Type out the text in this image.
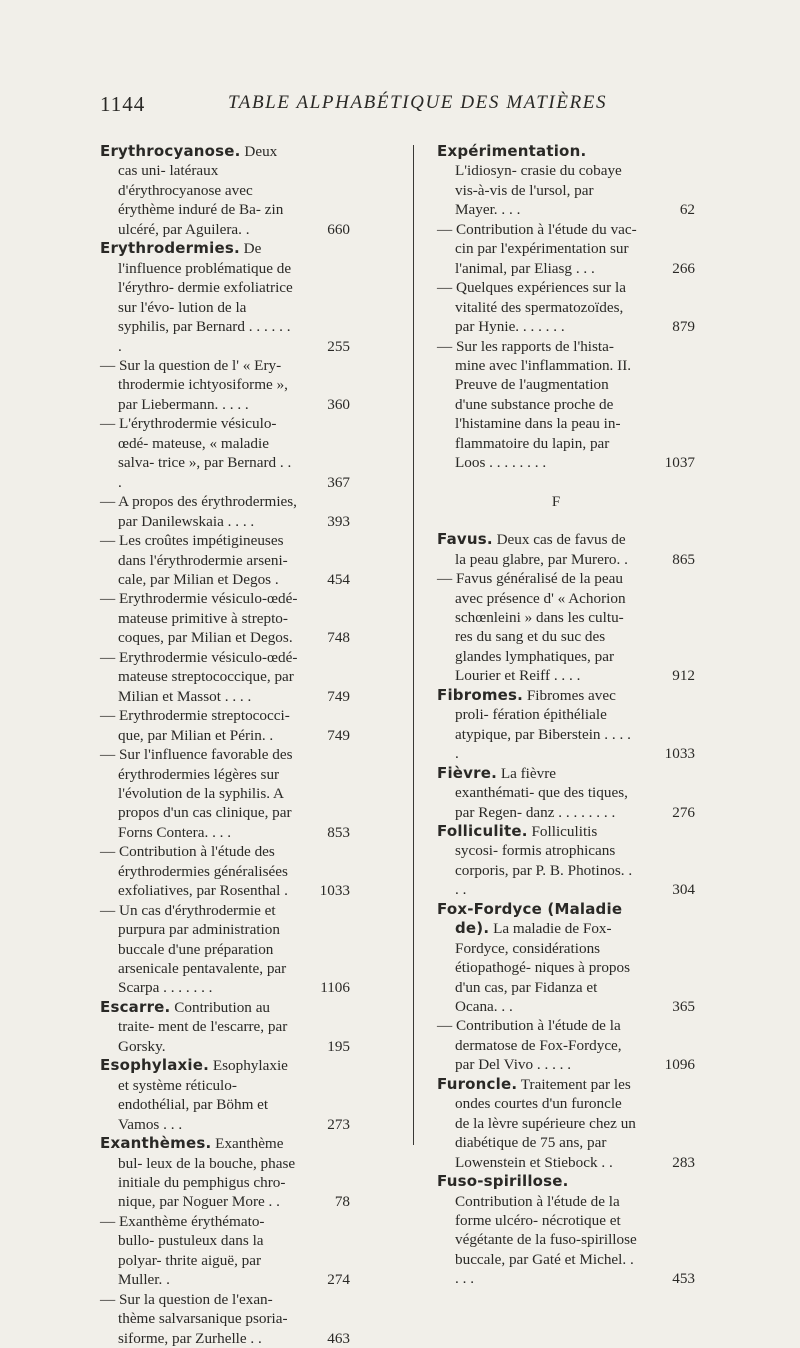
1144	TABLE ALPHABÉTIQUE DES MATIÈRES
Erythrocyanose. Deux cas uni- latéraux d'érythrocyanose avec érythème induré de Ba- zin ulcéré, par Aguilera. .	660
Erythrodermies. De l'influence problématique de l'érythro- dermie exfoliatrice sur l'évo- lution de la syphilis, par Bernard . . . . . . .	255
— Sur la question de l' « Ery- throdermie ichtyosiforme », par Liebermann. . . . .	360
— L'érythrodermie vésiculo-œdé- mateuse, « maladie salva- trice », par Bernard . . .	367
— A propos des érythrodermies, par Danilewskaia . . . .	393
— Les croûtes impétigineuses dans l'érythrodermie arseni- cale, par Milian et Degos .	454
— Erythrodermie vésiculo-œdé- mateuse primitive à strepto- coques, par Milian et Degos.	748
— Erythrodermie vésiculo-œdé- mateuse streptococcique, par Milian et Massot . . . .	749
— Erythrodermie streptococci- que, par Milian et Périn. .	749
— Sur l'influence favorable des érythrodermies légères sur l'évolution de la syphilis. A propos d'un cas clinique, par Forns Contera. . . .	853
— Contribution à l'étude des érythrodermies généralisées exfoliatives, par Rosenthal .	1033
— Un cas d'érythrodermie et purpura par administration buccale d'une préparation arsenicale pentavalente, par Scarpa . . . . . . .	1106
Escarre. Contribution au traite- ment de l'escarre, par Gorsky.	195
Esophylaxie. Esophylaxie et système réticulo-endothélial, par Böhm et Vamos . . .	273
Exanthèmes. Exanthème bul- leux de la bouche, phase initiale du pemphigus chro- nique, par Noguer More . .	78
— Exanthème érythémato-bullo- pustuleux dans la polyar- thrite aiguë, par Muller. .	274
— Sur la question de l'exan- thème salvarsanique psoria- siforme, par Zurhelle . .	463
Expérimentation. L'idiosyn- crasie du cobaye vis-à-vis de l'ursol, par Mayer. . . .	62
— Contribution à l'étude du vac- cin par l'expérimentation sur l'animal, par Eliasg . . .	266
— Quelques expériences sur la vitalité des spermatozoïdes, par Hynie. . . . . . .	879
— Sur les rapports de l'hista- mine avec l'inflammation. II. Preuve de l'augmentation d'une substance proche de l'histamine dans la peau in- flammatoire du lapin, par Loos . . . . . . . .	1037
F
Favus. Deux cas de favus de la peau glabre, par Murero. .	865
— Favus généralisé de la peau avec présence d' « Achorion schœnleini » dans les cultu- res du sang et du suc des glandes lymphatiques, par Lourier et Reiff . . . .	912
Fibromes. Fibromes avec proli- fération épithéliale atypique, par Biberstein . . . . .	1033
Fièvre. La fièvre exanthémati- que des tiques, par Regen- danz . . . . . . . .	276
Folliculite. Folliculitis sycosi- formis atrophicans corporis, par P. B. Photinos. . . .	304
Fox-Fordyce (Maladie de). La maladie de Fox-Fordyce, considérations étiopathogé- niques à propos d'un cas, par Fidanza et Ocana. . .	365
— Contribution à l'étude de la dermatose de Fox-Fordyce, par Del Vivo . . . . .	1096
Furoncle. Traitement par les ondes courtes d'un furoncle de la lèvre supérieure chez un diabétique de 75 ans, par Lowenstein et Stiebock . .	283
Fuso-spirillose. Contribution à l'étude de la forme ulcéro- nécrotique et végétante de la fuso-spirillose buccale, par Gaté et Michel. . . . .	453
